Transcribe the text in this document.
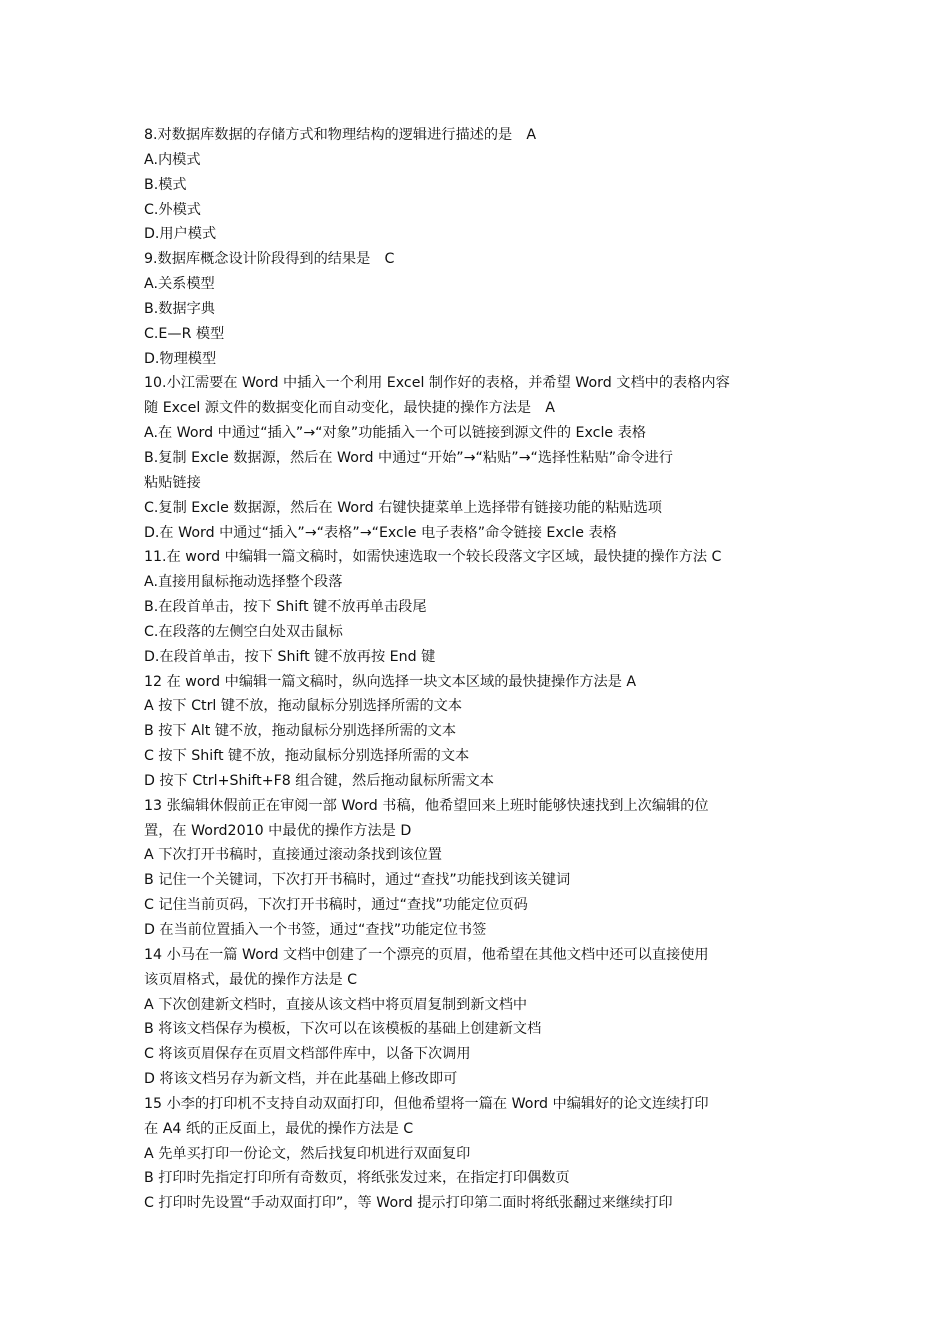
8.对数据库数据的存储方式和物理结构的逻辑进行描述的是　A
A.内模式
B.模式
C.外模式
D.用户模式
9.数据库概念设计阶段得到的结果是　C
A.关系模型
B.数据字典
C.E—R 模型
D.物理模型
10.小江需要在 Word 中插入一个利用 Excel 制作好的表格，并希望 Word 文档中的表格内容
随 Excel 源文件的数据变化而自动变化，最快捷的操作方法是　A
A.在 Word 中通过“插入”→“对象”功能插入一个可以链接到源文件的 Excle 表格
B.复制 Excle 数据源，然后在 Word 中通过“开始”→“粘贴”→“选择性粘贴”命令进行
粘贴链接
C.复制 Excle 数据源，然后在 Word 右键快捷菜单上选择带有链接功能的粘贴选项
D.在 Word 中通过“插入”→“表格”→“Excle 电子表格”命令链接 Excle 表格
11.在 word 中编辑一篇文稿时，如需快速选取一个较长段落文字区域，最快捷的操作方法 C
A.直接用鼠标拖动选择整个段落
B.在段首单击，按下 Shift 键不放再单击段尾
C.在段落的左侧空白处双击鼠标
D.在段首单击，按下 Shift 键不放再按 End 键
12 在 word 中编辑一篇文稿时，纵向选择一块文本区域的最快捷操作方法是 A
A 按下 Ctrl 键不放，拖动鼠标分别选择所需的文本
B 按下 Alt 键不放，拖动鼠标分别选择所需的文本
C 按下 Shift 键不放，拖动鼠标分别选择所需的文本
D 按下 Ctrl+Shift+F8 组合键，然后拖动鼠标所需文本
13 张编辑休假前正在审阅一部 Word 书稿，他希望回来上班时能够快速找到上次编辑的位
置，在 Word2010 中最优的操作方法是 D
A 下次打开书稿时，直接通过滚动条找到该位置
B 记住一个关键词，下次打开书稿时，通过“查找”功能找到该关键词
C 记住当前页码，下次打开书稿时，通过“查找”功能定位页码
D 在当前位置插入一个书签，通过“查找”功能定位书签
14 小马在一篇 Word 文档中创建了一个漂亮的页眉，他希望在其他文档中还可以直接使用
该页眉格式，最优的操作方法是 C
A 下次创建新文档时，直接从该文档中将页眉复制到新文档中
B 将该文档保存为模板，下次可以在该模板的基础上创建新文档
C 将该页眉保存在页眉文档部件库中，以备下次调用
D 将该文档另存为新文档，并在此基础上修改即可
15 小李的打印机不支持自动双面打印，但他希望将一篇在 Word 中编辑好的论文连续打印
在 A4 纸的正反面上，最优的操作方法是 C
A 先单买打印一份论文，然后找复印机进行双面复印
B 打印时先指定打印所有奇数页，将纸张发过来，在指定打印偶数页
C 打印时先设置“手动双面打印”，等 Word 提示打印第二面时将纸张翻过来继续打印
